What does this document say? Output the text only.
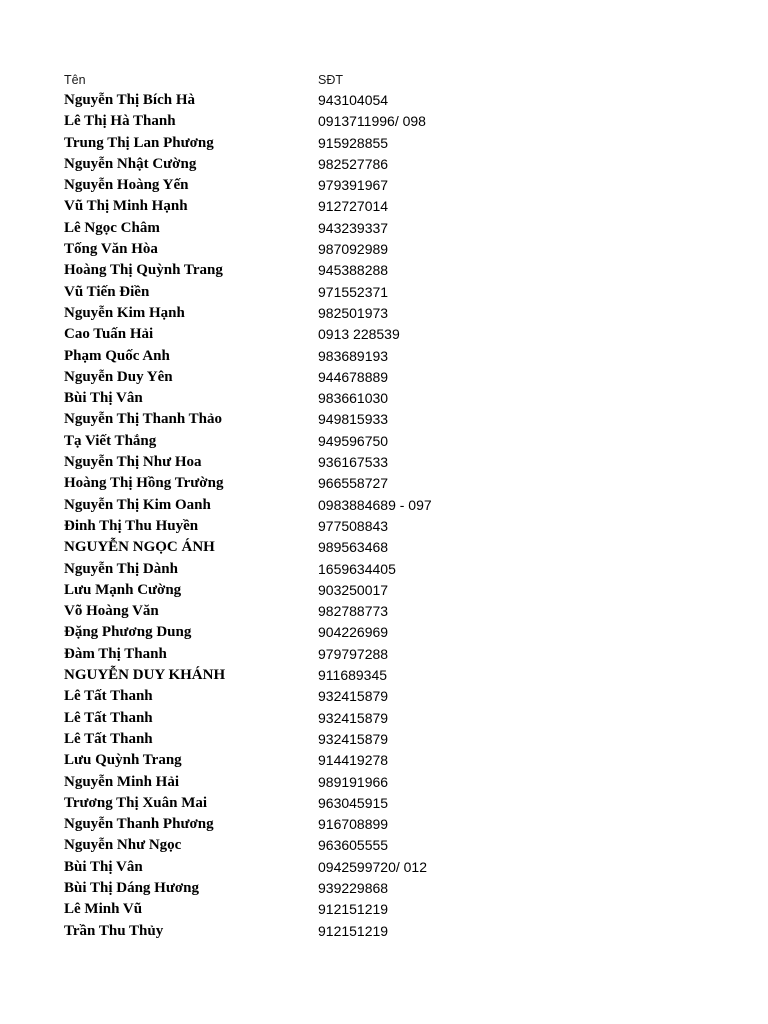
Tên	SĐT
Nguyễn Thị Bích Hà	943104054
Lê Thị Hà Thanh	0913711996/ 098
Trung Thị Lan Phương	915928855
Nguyễn Nhật Cường	982527786
Nguyễn Hoàng Yến	979391967
Vũ Thị Minh Hạnh	912727014
Lê Ngọc Châm	943239337
Tống Văn Hòa	987092989
Hoàng Thị Quỳnh Trang	945388288
Vũ Tiến Điền	971552371
Nguyễn Kim Hạnh	982501973
Cao Tuấn Hải	0913 228539
Phạm Quốc Anh	983689193
Nguyễn Duy Yên	944678889
Bùi Thị Vân	983661030
Nguyễn Thị Thanh Thảo	949815933
Tạ Viết Thắng	949596750
Nguyễn Thị Như Hoa	936167533
Hoàng Thị Hồng Trường	966558727
Nguyễn Thị Kim Oanh	0983884689 - 097
Đinh Thị Thu Huyền	977508843
NGUYỄN NGỌC ÁNH	989563468
Nguyễn Thị Dành	1659634405
Lưu Mạnh Cường	903250017
Võ Hoàng Văn	982788773
Đặng Phương Dung	904226969
Đàm Thị Thanh	979797288
NGUYỄN DUY KHÁNH	911689345
Lê Tất Thanh	932415879
Lê Tất Thanh	932415879
Lê Tất Thanh	932415879
Lưu Quỳnh Trang	914419278
Nguyễn Minh Hải	989191966
Trương Thị Xuân Mai	963045915
Nguyễn Thanh Phương	916708899
Nguyễn Như Ngọc	963605555
Bùi Thị Vân	0942599720/ 012
Bùi Thị Dáng Hương	939229868
Lê Minh Vũ	912151219
Trần Thu Thủy	912151219
